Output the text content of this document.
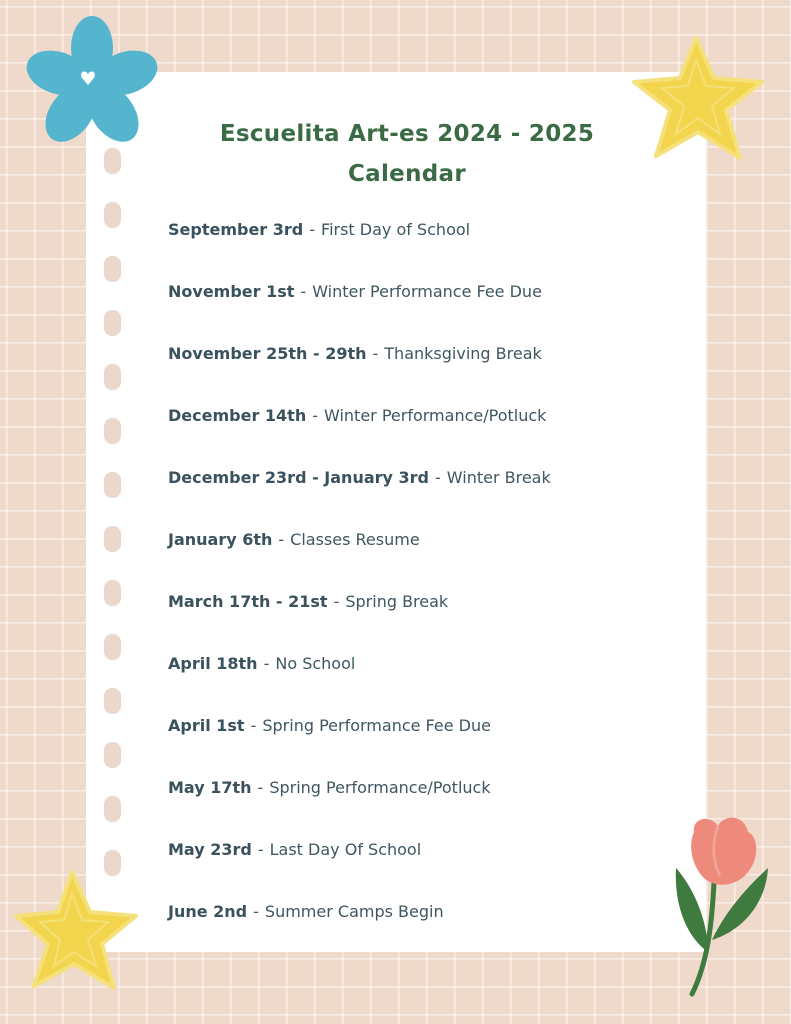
Escuelita Art-es 2024 - 2025
Calendar
September 3rd - First Day of School
November 1st - Winter Performance Fee Due
November 25th - 29th - Thanksgiving Break
December 14th - Winter Performance/Potluck
December 23rd - January 3rd - Winter Break
January 6th - Classes Resume
March 17th - 21st - Spring Break
April 18th - No School
April 1st - Spring Performance Fee Due
May 17th - Spring Performance/Potluck
May 23rd - Last Day Of School
June 2nd - Summer Camps Begin
